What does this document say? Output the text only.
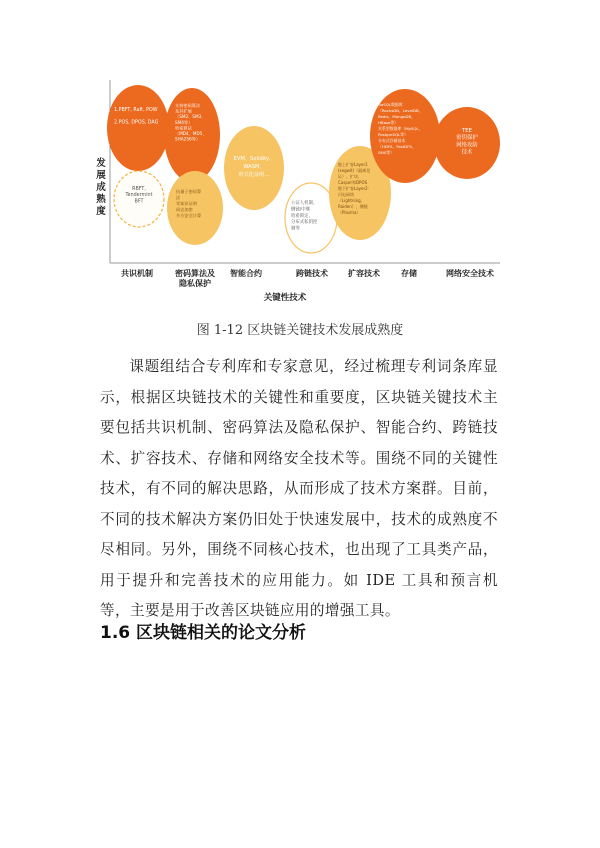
发
展
成
熟
度
1.PBFT, Raft, POW 2.POS, DPOS, DAG
RBFT, Tendermint BFT
支持密码算法及其扩展（SM2、SM3、 SM4等）哈希算法（MD4、MD5、 SHA256等）
抗量子密码算法零知识证明同态加密多方安全计算
EVM、Solidity、 WASM、形式化证明…
公证人机制、侧链/中继哈希锁定、分布式私钥控制等
链上扩容Layer1 (segwit)（隔离见证）、扩块、 Casper和DPOS 链下扩容Layer2：闪电网络（Lightning、 Raiden）、侧链（Plasma）
NoSQL数据库（RocksDB、LevelDB、 Redis、MongoDB、 HBase等）关系型数据库（MySQL、 PostgreSQL等）分布式存储技术（HDFS、FastDFS、 SMS等）
TEE 密钥保护网络攻防技术
共识机制	密码算法及隐私保护
智能合约	跨链技术	扩容技术	存储	网络安全技术
关键性技术
图 1-12 区块链关键技术发展成熟度

课题组结合专利库和专家意见，经过梳理专利词条库显示，根据区块链技术的关键性和重要度，区块链关键技术主要包括共识机制、密码算法及隐私保护、智能合约、跨链技术、扩容技术、存储和网络安全技术等。围绕不同的关键性技术，有不同的解决思路，从而形成了技术方案群。目前，不同的技术解决方案仍旧处于快速发展中，技术的成熟度不尽相同。另外，围绕不同核心技术，也出现了工具类产品，用于提升和完善技术的应用能力。如 IDE 工具和预言机等，主要是用于改善区块链应用的增强工具。

1.6 区块链相关的论文分析
